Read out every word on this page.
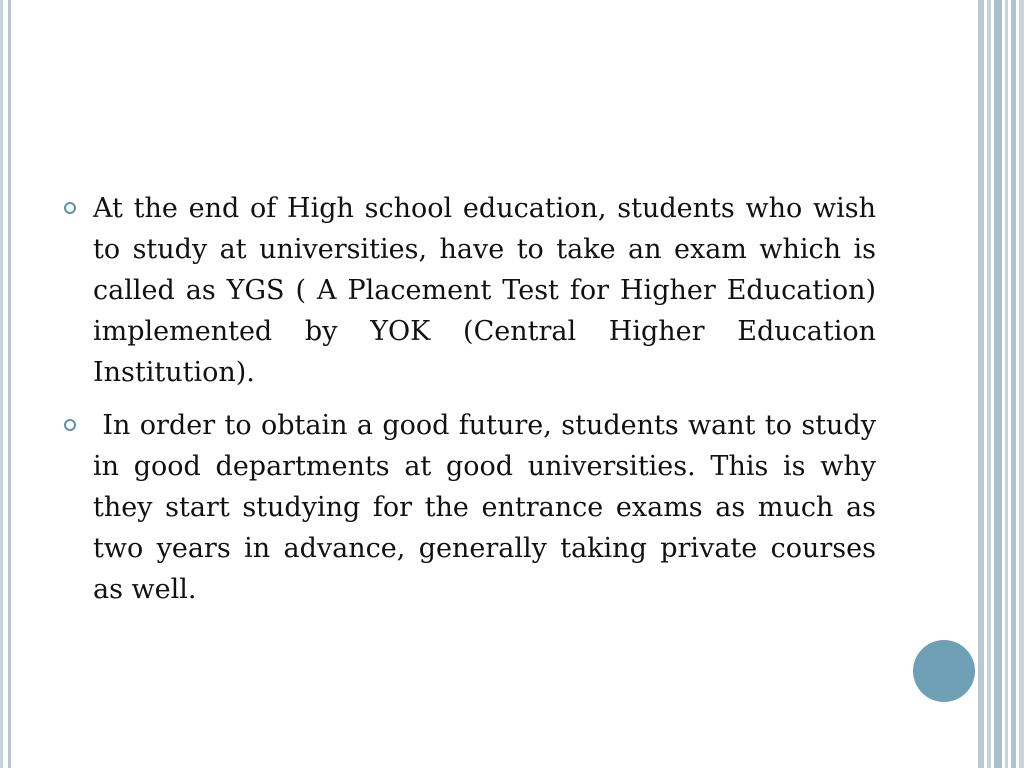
At the end of High school education, students who wish to study at universities, have to take an exam which is called as YGS ( A Placement Test for Higher Education) implemented by YOK (Central Higher Education Institution).
In order to obtain a good future, students want to study in good departments at good universities. This is why they start studying for the entrance exams as much as two years in advance, generally taking private courses as well.
